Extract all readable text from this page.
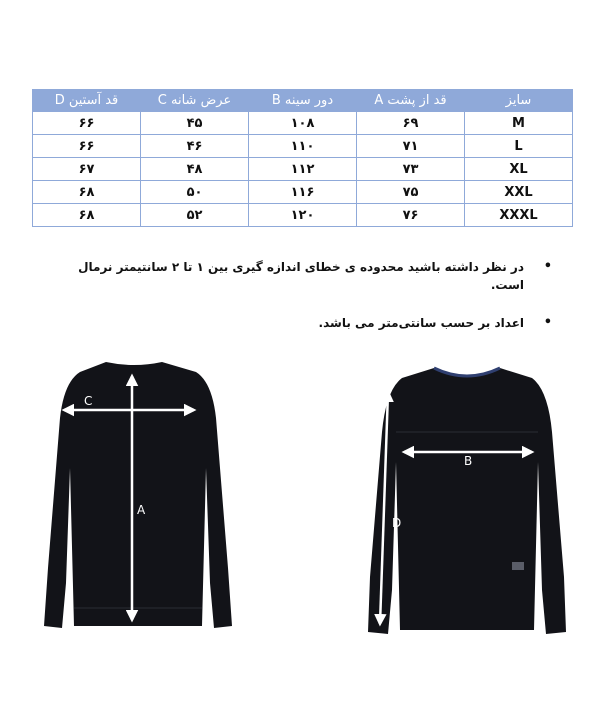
سایز	قد از پشت A	دور سینه B	عرض شانه C	قد آستین D
M	۶۹	۱۰۸	۴۵	۶۶
L	۷۱	۱۱۰	۴۶	۶۶
XL	۷۳	۱۱۲	۴۸	۶۷
XXL	۷۵	۱۱۶	۵۰	۶۸
XXXL	۷۶	۱۲۰	۵۲	۶۸
•
در نظر داشته باشید محدوده ی خطای اندازه گیری بین ۱ تا ۲ سانتیمتر نرمال است.
•
اعداد بر حسب سانتی‌متر می باشد.
A
C
B
D
